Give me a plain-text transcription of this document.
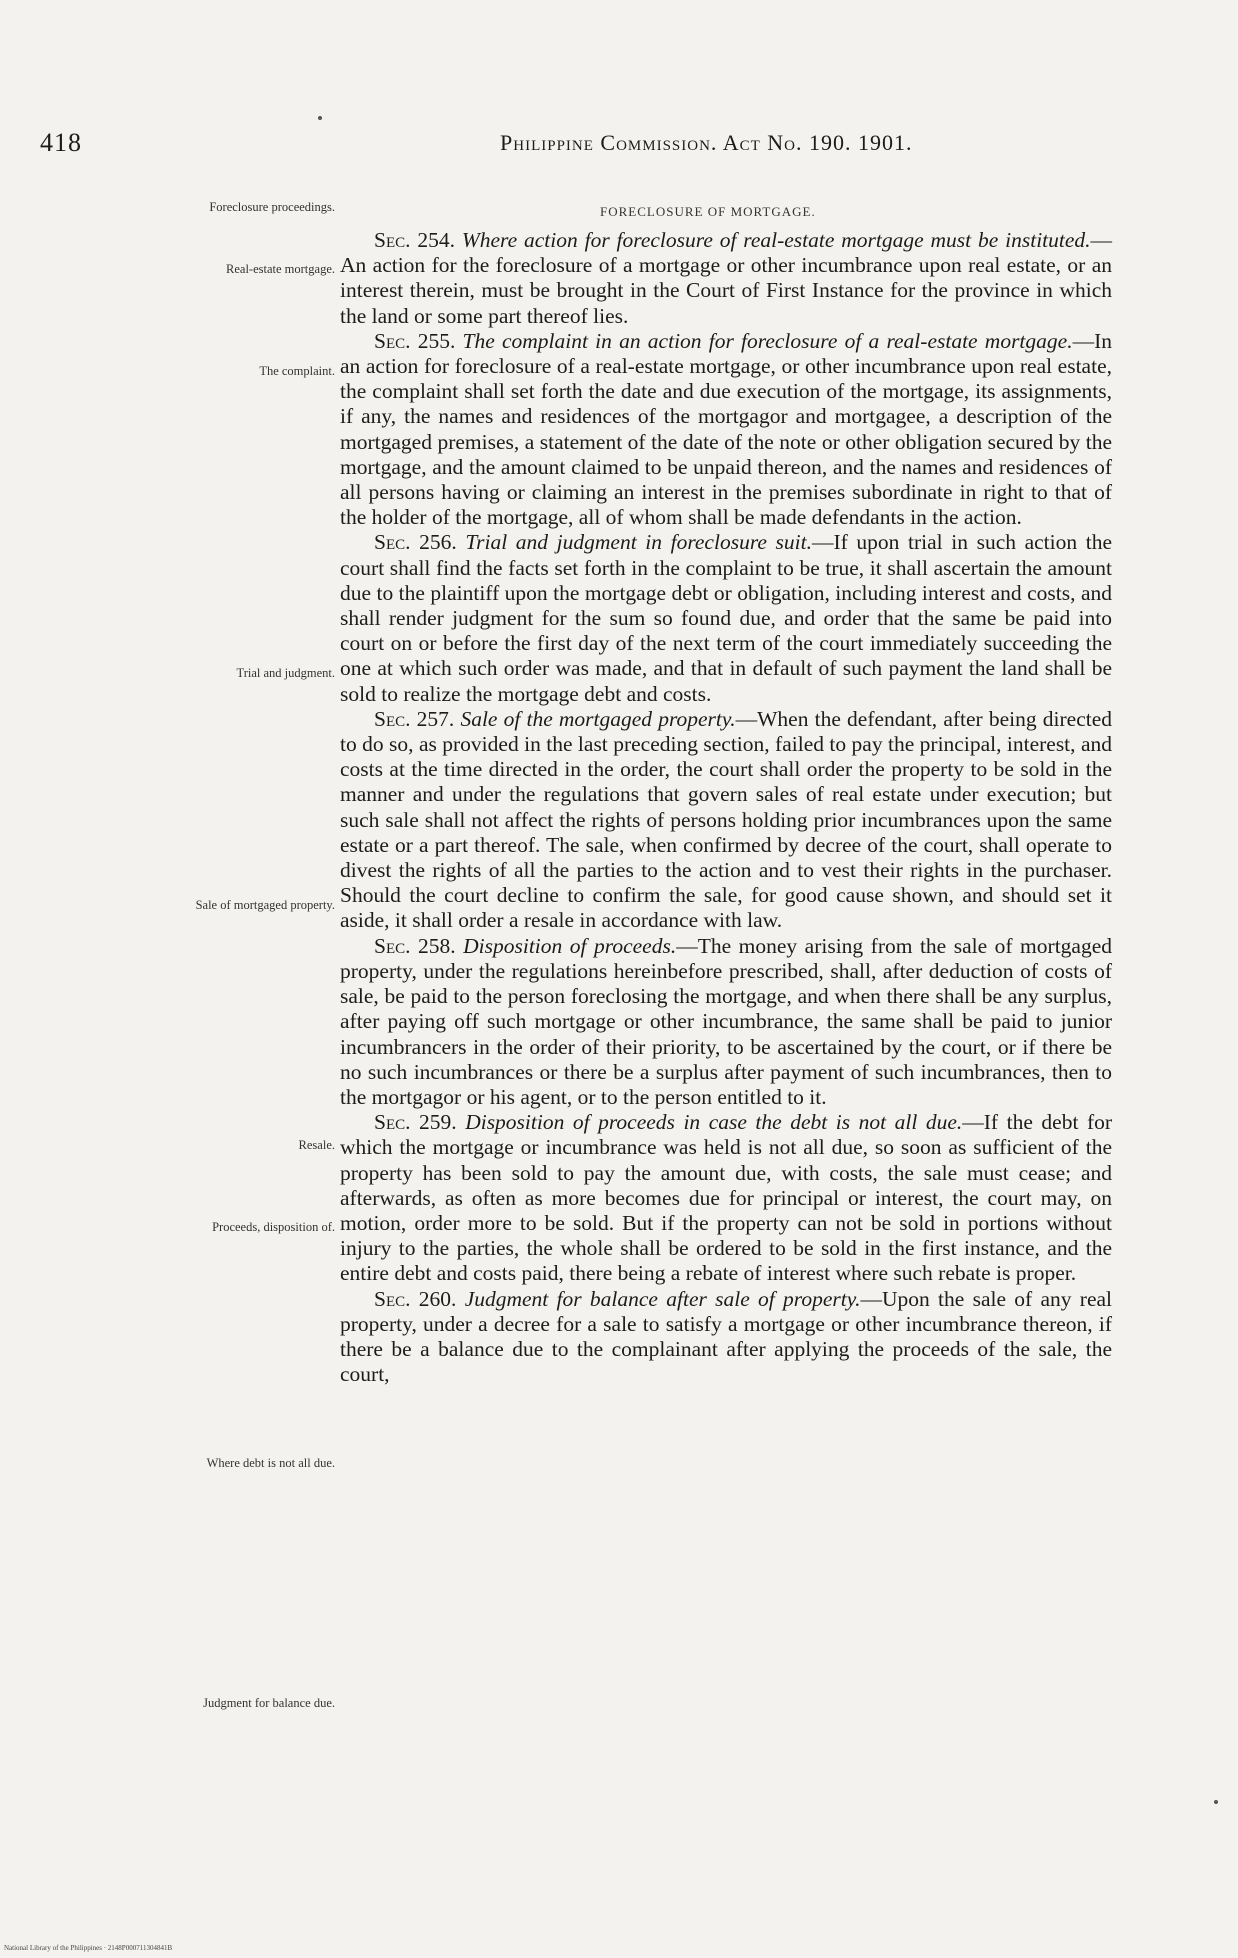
418	Philippine Commission. Act No. 190. 1901.
FORECLOSURE OF MORTGAGE.
Foreclosure proceedings.
Real-estate mortgage.
The complaint.
Trial and judgment.
Sale of mortgaged property.
Resale.
Proceeds, disposition of.
Where debt is not all due.
Judgment for balance due.

Sec. 254. Where action for foreclosure of real-estate mortgage must be instituted.—An action for the foreclosure of a mortgage or other incumbrance upon real estate, or an interest therein, must be brought in the Court of First Instance for the province in which the land or some part thereof lies.

Sec. 255. The complaint in an action for foreclosure of a real-estate mortgage.—In an action for foreclosure of a real-estate mortgage, or other incumbrance upon real estate, the complaint shall set forth the date and due execution of the mortgage, its assignments, if any, the names and residences of the mortgagor and mortgagee, a description of the mortgaged premises, a statement of the date of the note or other obligation secured by the mortgage, and the amount claimed to be unpaid thereon, and the names and residences of all persons having or claiming an interest in the premises subordinate in right to that of the holder of the mortgage, all of whom shall be made defendants in the action.

Sec. 256. Trial and judgment in foreclosure suit.—If upon trial in such action the court shall find the facts set forth in the complaint to be true, it shall ascertain the amount due to the plaintiff upon the mortgage debt or obligation, including interest and costs, and shall render judgment for the sum so found due, and order that the same be paid into court on or before the first day of the next term of the court immediately succeeding the one at which such order was made, and that in default of such payment the land shall be sold to realize the mortgage debt and costs.

Sec. 257. Sale of the mortgaged property.—When the defendant, after being directed to do so, as provided in the last preceding section, failed to pay the principal, interest, and costs at the time directed in the order, the court shall order the property to be sold in the manner and under the regulations that govern sales of real estate under execution; but such sale shall not affect the rights of persons holding prior incumbrances upon the same estate or a part thereof. The sale, when confirmed by decree of the court, shall operate to divest the rights of all the parties to the action and to vest their rights in the purchaser. Should the court decline to confirm the sale, for good cause shown, and should set it aside, it shall order a resale in accordance with law.

Sec. 258. Disposition of proceeds.—The money arising from the sale of mortgaged property, under the regulations hereinbefore prescribed, shall, after deduction of costs of sale, be paid to the person foreclosing the mortgage, and when there shall be any surplus, after paying off such mortgage or other incumbrance, the same shall be paid to junior incumbrancers in the order of their priority, to be ascertained by the court, or if there be no such incumbrances or there be a surplus after payment of such incumbrances, then to the mortgagor or his agent, or to the person entitled to it.

Sec. 259. Disposition of proceeds in case the debt is not all due.—If the debt for which the mortgage or incumbrance was held is not all due, so soon as sufficient of the property has been sold to pay the amount due, with costs, the sale must cease; and afterwards, as often as more becomes due for principal or interest, the court may, on motion, order more to be sold. But if the property can not be sold in portions without injury to the parties, the whole shall be ordered to be sold in the first instance, and the entire debt and costs paid, there being a rebate of interest where such rebate is proper.

Sec. 260. Judgment for balance after sale of property.—Upon the sale of any real property, under a decree for a sale to satisfy a mortgage or other incumbrance thereon, if there be a balance due to the complainant after applying the proceeds of the sale, the court,

National Library of the Philippines · 2148P000711304841B
